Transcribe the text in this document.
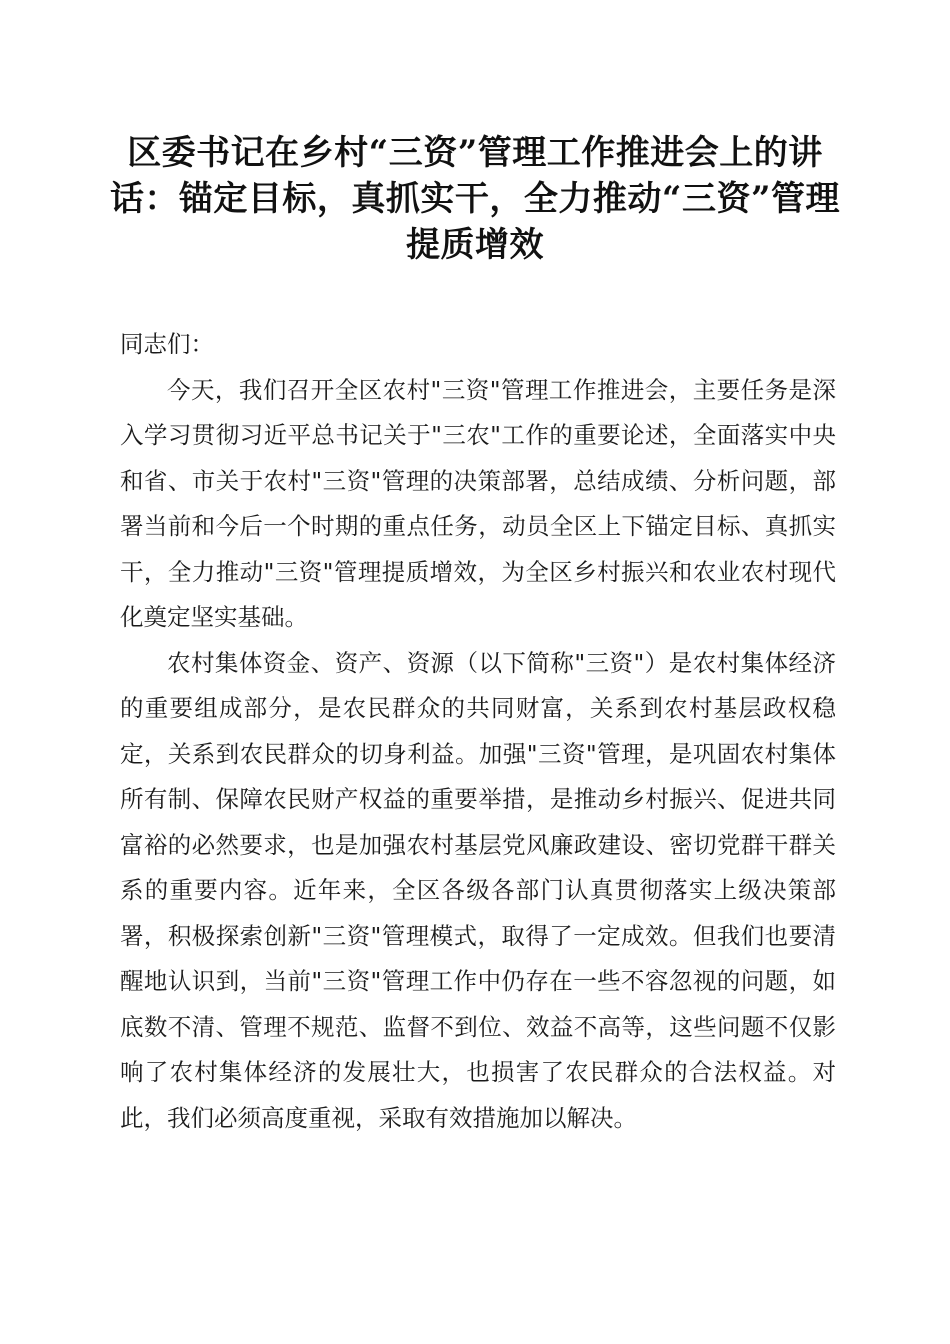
区委书记在乡村“三资”管理工作推进会上的讲话：锚定目标，真抓实干，全力推动“三资”管理提质增效

同志们：

今天，我们召开全区农村"三资"管理工作推进会，主要任务是深入学习贯彻习近平总书记关于"三农"工作的重要论述，全面落实中央和省、市关于农村"三资"管理的决策部署，总结成绩、分析问题，部署当前和今后一个时期的重点任务，动员全区上下锚定目标、真抓实干，全力推动"三资"管理提质增效，为全区乡村振兴和农业农村现代化奠定坚实基础。

农村集体资金、资产、资源（以下简称"三资"）是农村集体经济的重要组成部分，是农民群众的共同财富，关系到农村基层政权稳定，关系到农民群众的切身利益。加强"三资"管理，是巩固农村集体所有制、保障农民财产权益的重要举措，是推动乡村振兴、促进共同富裕的必然要求，也是加强农村基层党风廉政建设、密切党群干群关系的重要内容。近年来，全区各级各部门认真贯彻落实上级决策部署，积极探索创新"三资"管理模式，取得了一定成效。但我们也要清醒地认识到，当前"三资"管理工作中仍存在一些不容忽视的问题，如底数不清、管理不规范、监督不到位、效益不高等，这些问题不仅影响了农村集体经济的发展壮大，也损害了农民群众的合法权益。对此，我们必须高度重视，采取有效措施加以解决。
